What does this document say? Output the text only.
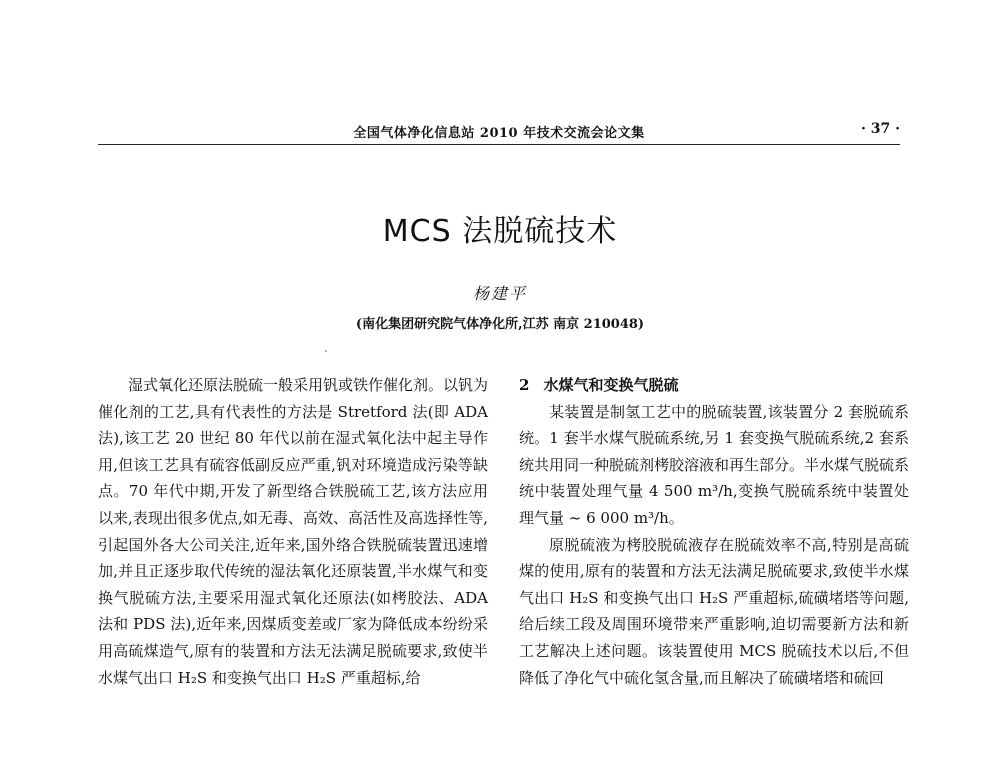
全国气体净化信息站 2010 年技术交流会论文集	· 37 ·
MCS 法脱硫技术
杨建平
(南化集团研究院气体净化所,江苏 南京 210048)

湿式氧化还原法脱硫一般采用钒或铁作催化剂。以钒为催化剂的工艺,具有代表性的方法是 Stretford 法(即 ADA 法),该工艺 20 世纪 80 年代以前在湿式氧化法中起主导作用,但该工艺具有硫容低副反应严重,钒对环境造成污染等缺点。70 年代中期,开发了新型络合铁脱硫工艺,该方法应用以来,表现出很多优点,如无毒、高效、高活性及高选择性等,引起国外各大公司关注,近年来,国外络合铁脱硫装置迅速增加,并且正逐步取代传统的湿法氧化还原装置,半水煤气和变换气脱硫方法,主要采用湿式氧化还原法(如栲胶法、ADA 法和 PDS 法),近年来,因煤质变差或厂家为降低成本纷纷采用高硫煤造气,原有的装置和方法无法满足脱硫要求,致使半水煤气出口 H₂S 和变换气出口 H₂S 严重超标,给

2 水煤气和变换气脱硫

某装置是制氢工艺中的脱硫装置,该装置分 2 套脱硫系统。1 套半水煤气脱硫系统,另 1 套变换气脱硫系统,2 套系统共用同一种脱硫剂栲胶溶液和再生部分。半水煤气脱硫系统中装置处理气量 4 500 m³/h,变换气脱硫系统中装置处理气量 ~ 6 000 m³/h。

原脱硫液为栲胶脱硫液存在脱硫效率不高,特别是高硫煤的使用,原有的装置和方法无法满足脱硫要求,致使半水煤气出口 H₂S 和变换气出口 H₂S 严重超标,硫磺堵塔等问题,给后续工段及周围环境带来严重影响,迫切需要新方法和新工艺解决上述问题。该装置使用 MCS 脱硫技术以后,不但降低了净化气中硫化氢含量,而且解决了硫磺堵塔和硫回
